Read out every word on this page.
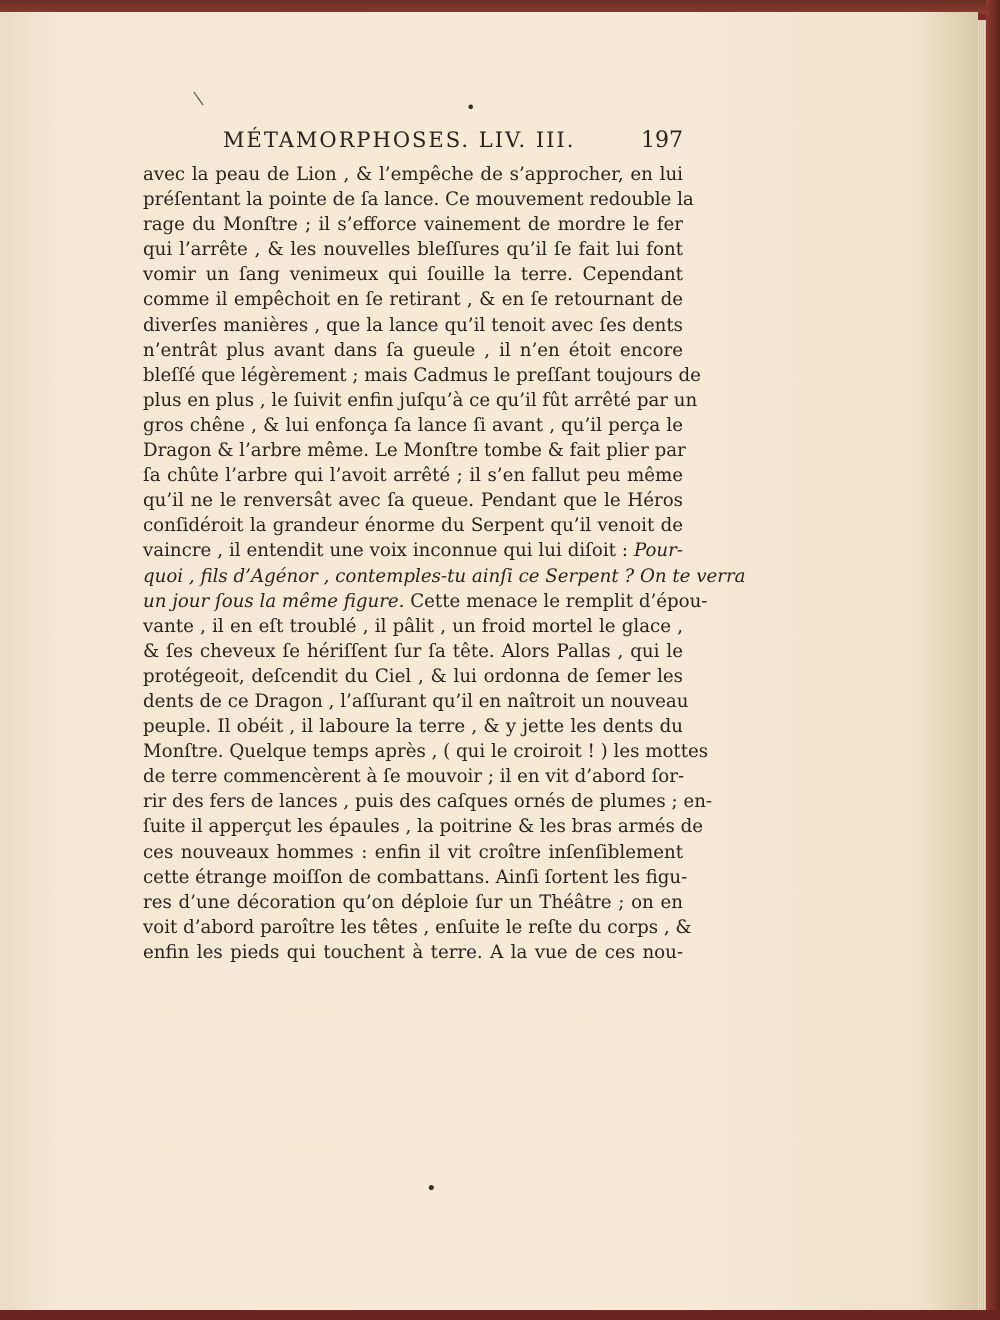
|
•
•
MÉTAMORPHOSES. LIV. III.	197
avec la peau de Lion , & l’empêche de s’approcher, en lui
préſentant la pointe de ſa lance. Ce mouvement redouble la
rage du Monſtre ; il s’efforce vainement de mordre le fer
qui l’arrête , & les nouvelles bleſſures qu’il ſe fait lui font
vomir un ſang venimeux qui ſouille la terre. Cependant
comme il empêchoit en ſe retirant , & en ſe retournant de
diverſes manières , que la lance qu’il tenoit avec ſes dents
n’entrât plus avant dans ſa gueule , il n’en étoit encore
bleſſé que légèrement ; mais Cadmus le preſſant toujours de
plus en plus , le ſuivit enfin juſqu’à ce qu’il fût arrêté par un
gros chêne , & lui enfonça ſa lance ſi avant , qu’il perça le
Dragon & l’arbre même. Le Monſtre tombe & fait plier par
ſa chûte l’arbre qui l’avoit arrêté ; il s’en fallut peu même
qu’il ne le renversât avec ſa queue. Pendant que le Héros
conſidéroit la grandeur énorme du Serpent qu’il venoit de
vaincre , il entendit une voix inconnue qui lui diſoit : Pour-
quoi , fils d’Agénor , contemples-tu ainſi ce Serpent ? On te verra
un jour ſous la même figure. Cette menace le remplit d’épou-
vante , il en eſt troublé , il pâlit , un froid mortel le glace ,
& ſes cheveux ſe hériſſent ſur ſa tête. Alors Pallas , qui le
protégeoit, deſcendit du Ciel , & lui ordonna de ſemer les
dents de ce Dragon , l’aſſurant qu’il en naîtroit un nouveau
peuple. Il obéit , il laboure la terre , & y jette les dents du
Monſtre. Quelque temps après , ( qui le croiroit ! ) les mottes
de terre commencèrent à ſe mouvoir ; il en vit d’abord ſor-
rir des fers de lances , puis des caſques ornés de plumes ; en-
ſuite il apperçut les épaules , la poitrine & les bras armés de
ces nouveaux hommes : enfin il vit croître inſenſiblement
cette étrange moiſſon de combattans. Ainſi ſortent les figu-
res d’une décoration qu’on déploie ſur un Théâtre ; on en
voit d’abord paroître les têtes , enſuite le reſte du corps , &
enfin les pieds qui touchent à terre. A la vue de ces nou-
